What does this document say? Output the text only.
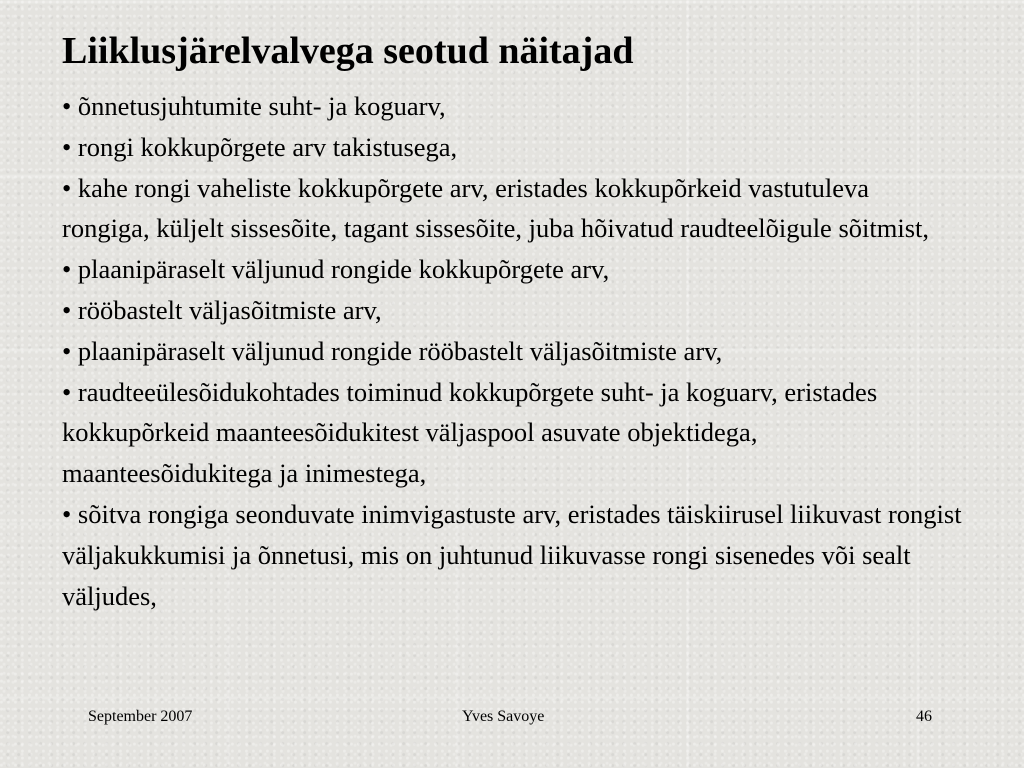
Liiklusjärelvalvega seotud näitajad
• õnnetusjuhtumite suht- ja koguarv,
• rongi kokkupõrgete arv takistusega,
• kahe rongi vaheliste kokkupõrgete arv, eristades kokkupõrkeid vastutuleva rongiga, küljelt sissesõite, tagant sissesõite, juba hõivatud raudteelõigule sõitmist,
• plaanipäraselt väljunud rongide kokkupõrgete arv,
• rööbastelt väljasõitmiste arv,
• plaanipäraselt väljunud rongide rööbastelt väljasõitmiste arv,
• raudteeülesõidukohtades toiminud kokkupõrgete suht- ja koguarv, eristades kokkupõrkeid maanteesõidukitest väljaspool asuvate objektidega, maanteesõidukitega ja inimestega,
• sõitva rongiga seonduvate inimvigastuste arv, eristades täiskiirusel liikuvast rongist väljakukkumisi ja õnnetusi, mis on juhtunud liikuvasse rongi sisenedes või sealt väljudes,
September 2007	Yves Savoye	46
